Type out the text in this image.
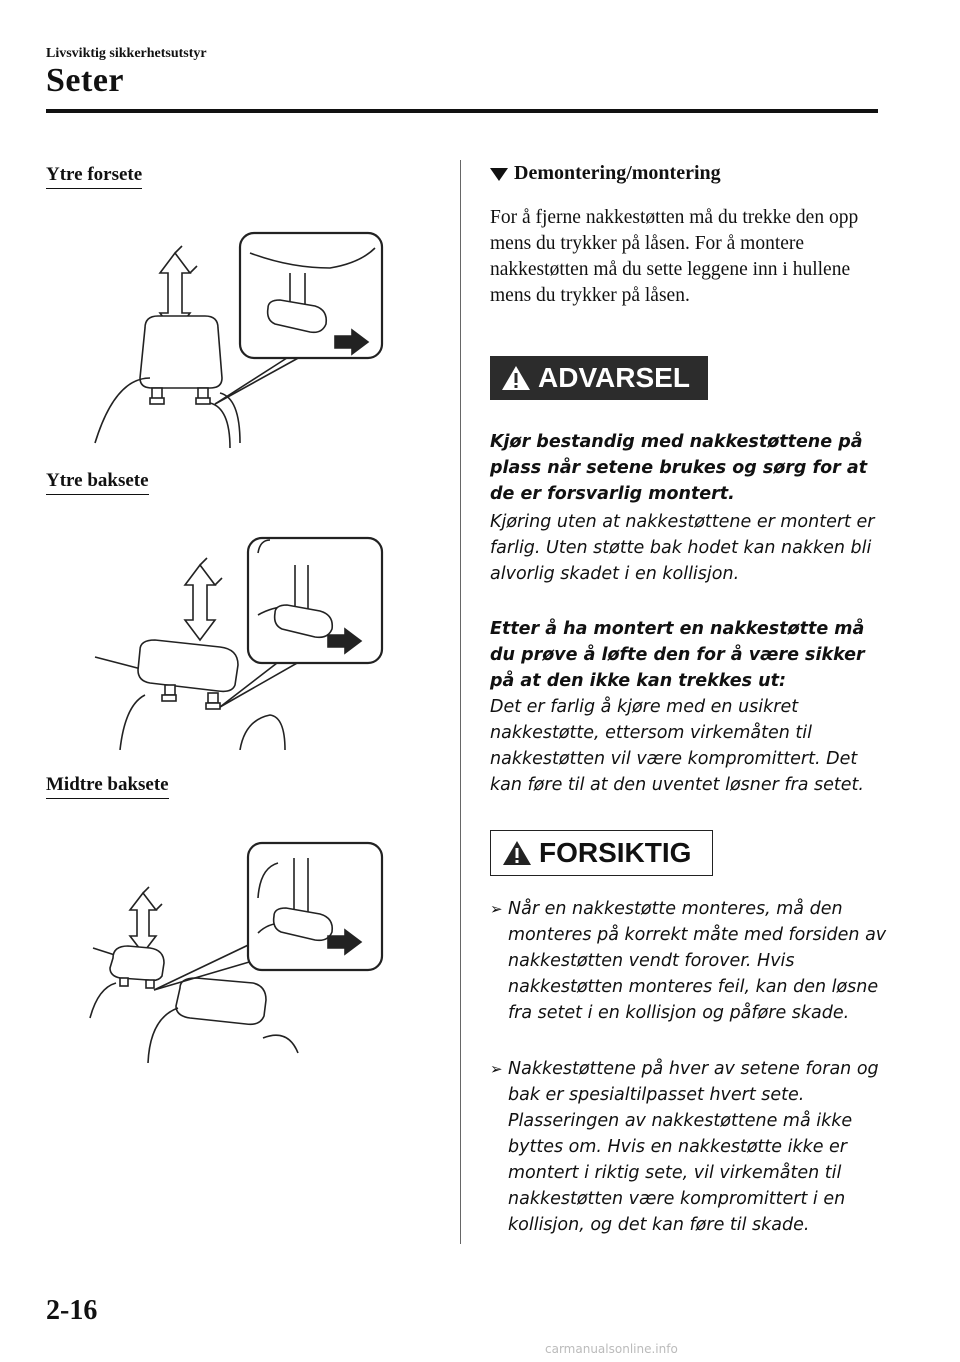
Livsviktig sikkerhetsutstyr
Seter
Ytre forsete
Ytre baksete
Midtre baksete
Demontering/montering
For å fjerne nakkestøtten må du trekke den opp mens du trykker på låsen. For å montere nakkestøtten må du sette leggene inn i hullene mens du trykker på låsen.
ADVARSEL
Kjør bestandig med nakkestøttene på plass når setene brukes og sørg for at de er forsvarlig montert.
Kjøring uten at nakkestøttene er montert er farlig. Uten støtte bak hodet kan nakken bli alvorlig skadet i en kollisjon.
Etter å ha montert en nakkestøtte må du prøve å løfte den for å være sikker på at den ikke kan trekkes ut:
Det er farlig å kjøre med en usikret nakkestøtte, ettersom virkemåten til nakkestøtten vil være kompromittert. Det kan føre til at den uventet løsner fra setet.
FORSIKTIG
➢ Når en nakkestøtte monteres, må den monteres på korrekt måte med forsiden av nakkestøtten vendt forover. Hvis nakkestøtten monteres feil, kan den løsne fra setet i en kollisjon og påføre skade.
➢ Nakkestøttene på hver av setene foran og bak er spesialtilpasset hvert sete. Plasseringen av nakkestøttene må ikke byttes om. Hvis en nakkestøtte ikke er montert i riktig sete, vil virkemåten til nakkestøtten være kompromittert i en kollisjon, og det kan føre til skade.
2-16
carmanualsonline.info
